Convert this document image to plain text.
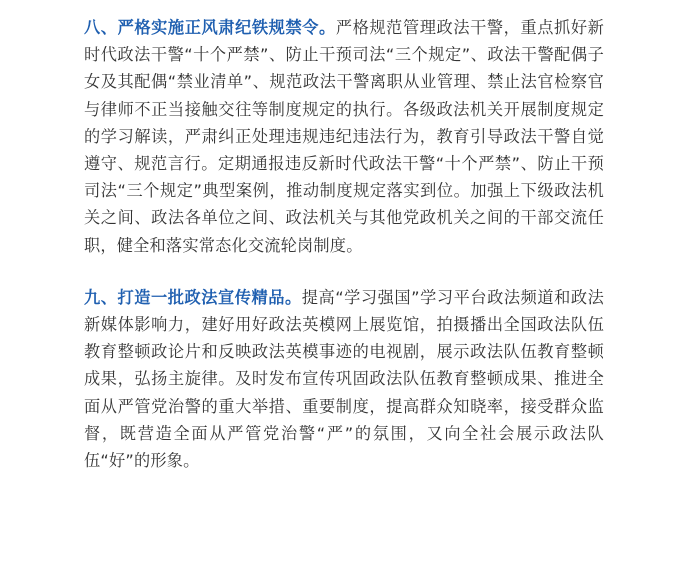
八、严格实施正风肃纪铁规禁令。严格规范管理政法干警，重点抓好新时代政法干警“十个严禁”、防止干预司法“三个规定”、政法干警配偶子女及其配偶“禁业清单”、规范政法干警离职从业管理、禁止法官检察官与律师不正当接触交往等制度规定的执行。各级政法机关开展制度规定的学习解读，严肃纠正处理违规违纪违法行为，教育引导政法干警自觉遵守、规范言行。定期通报违反新时代政法干警“十个严禁”、防止干预司法“三个规定”典型案例，推动制度规定落实到位。加强上下级政法机关之间、政法各单位之间、政法机关与其他党政机关之间的干部交流任职，健全和落实常态化交流轮岗制度。

九、打造一批政法宣传精品。提高“学习强国”学习平台政法频道和政法新媒体影响力，建好用好政法英模网上展览馆，拍摄播出全国政法队伍教育整顿政论片和反映政法英模事迹的电视剧，展示政法队伍教育整顿成果，弘扬主旋律。及时发布宣传巩固政法队伍教育整顿成果、推进全面从严管党治警的重大举措、重要制度，提高群众知晓率，接受群众监督，既营造全面从严管党治警“严”的氛围，又向全社会展示政法队伍“好”的形象。
